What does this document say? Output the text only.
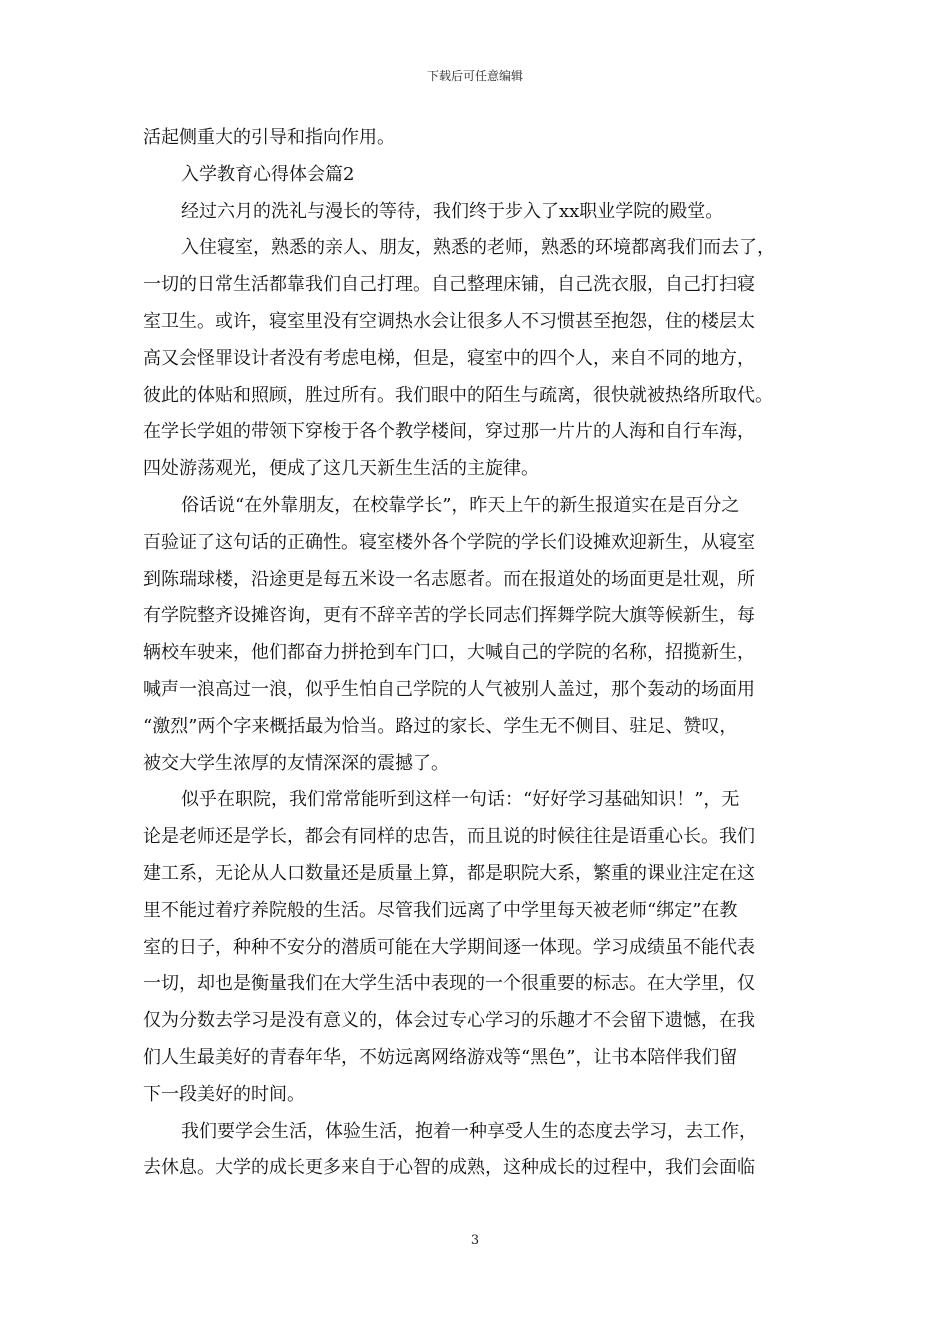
下载后可任意编辑
活起侧重大的引导和指向作用。
入学教育心得体会篇2
经过六月的洗礼与漫长的等待，我们终于步入了xx职业学院的殿堂。
入住寝室，熟悉的亲人、朋友，熟悉的老师，熟悉的环境都离我们而去了，
一切的日常生活都靠我们自己打理。自己整理床铺，自己洗衣服，自己打扫寝
室卫生。或许，寝室里没有空调热水会让很多人不习惯甚至抱怨，住的楼层太
高又会怪罪设计者没有考虑电梯，但是，寝室中的四个人，来自不同的地方，
彼此的体贴和照顾，胜过所有。我们眼中的陌生与疏离，很快就被热络所取代。
在学长学姐的带领下穿梭于各个教学楼间，穿过那一片片的人海和自行车海，
四处游荡观光，便成了这几天新生生活的主旋律。
俗话说“在外靠朋友，在校靠学长”，昨天上午的新生报道实在是百分之
百验证了这句话的正确性。寝室楼外各个学院的学长们设摊欢迎新生，从寝室
到陈瑞球楼，沿途更是每五米设一名志愿者。而在报道处的场面更是壮观，所
有学院整齐设摊咨询，更有不辞辛苦的学长同志们挥舞学院大旗等候新生，每
辆校车驶来，他们都奋力拼抢到车门口，大喊自己的学院的名称，招揽新生，
喊声一浪高过一浪，似乎生怕自己学院的人气被别人盖过，那个轰动的场面用
“激烈”两个字来概括最为恰当。路过的家长、学生无不侧目、驻足、赞叹，
被交大学生浓厚的友情深深的震撼了。
似乎在职院，我们常常能听到这样一句话：“好好学习基础知识！”，无
论是老师还是学长，都会有同样的忠告，而且说的时候往往是语重心长。我们
建工系，无论从人口数量还是质量上算，都是职院大系，繁重的课业注定在这
里不能过着疗养院般的生活。尽管我们远离了中学里每天被老师“绑定”在教
室的日子，种种不安分的潜质可能在大学期间逐一体现。学习成绩虽不能代表
一切，却也是衡量我们在大学生活中表现的一个很重要的标志。在大学里，仅
仅为分数去学习是没有意义的，体会过专心学习的乐趣才不会留下遗憾，在我
们人生最美好的青春年华，不妨远离网络游戏等“黑色”，让书本陪伴我们留
下一段美好的时间。
我们要学会生活，体验生活，抱着一种享受人生的态度去学习，去工作，
去休息。大学的成长更多来自于心智的成熟，这种成长的过程中，我们会面临
3
